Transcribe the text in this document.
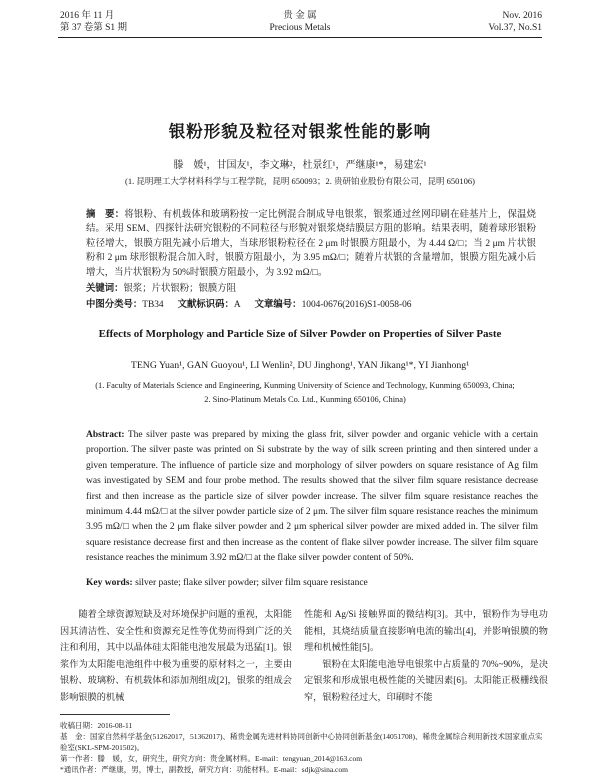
2016 年 11 月
第 37 卷第 S1 期
贵 金 属
Precious Metals
Nov. 2016
Vol.37, No.S1
银粉形貌及粒径对银浆性能的影响
滕　媛¹，甘国友¹，李文琳²，杜景红¹，严继康¹*，易建宏¹
(1. 昆明理工大学材料科学与工程学院，昆明 650093；2. 贵研铂业股份有限公司，昆明 650106)
摘　要：将银粉、有机载体和玻璃粉按一定比例混合制成导电银浆，银浆通过丝网印刷在硅基片上，保温烧结。采用 SEM、四探针法研究银粉的不同粒径与形貌对银浆烧结膜层方阻的影响。结果表明，随着球形银粉粒径增大，银膜方阻先减小后增大，当球形银粉粒径在 2 μm 时银膜方阻最小，为 4.44 Ω/□；当 2 μm 片状银粉和 2 μm 球形银粉混合加入时，银膜方阻最小，为 3.95 mΩ/□；随着片状银的含量增加，银膜方阻先减小后增大，当片状银粉为 50%时银膜方阻最小，为 3.92 mΩ/□。
关键词：银浆；片状银粉；银膜方阻
中图分类号：TB34 文献标识码：A 文章编号：1004-0676(2016)S1-0058-06
Effects of Morphology and Particle Size of Silver Powder on Properties of Silver Paste
TENG Yuan¹, GAN Guoyou¹, LI Wenlin², DU Jinghong¹, YAN Jikang¹*, YI Jianhong¹
(1. Faculty of Materials Science and Engineering, Kunming University of Science and Technology, Kunming 650093, China;
2. Sino-Platinum Metals Co. Ltd., Kunming 650106, China)
Abstract: The silver paste was prepared by mixing the glass frit, silver powder and organic vehicle with a certain proportion. The silver paste was printed on Si substrate by the way of silk screen printing and then sintered under a given temperature. The influence of particle size and morphology of silver powders on square resistance of Ag film was investigated by SEM and four probe method. The results showed that the silver film square resistance decrease first and then increase as the particle size of silver powder increase. The silver film square resistance reaches the minimum 4.44 mΩ/□ at the silver powder particle size of 2 μm. The silver film square resistance reaches the minimum 3.95 mΩ/□ when the 2 μm flake silver powder and 2 μm spherical silver powder are mixed added in. The silver film square resistance decrease first and then increase as the content of flake silver powder increase. The silver film square resistance reaches the minimum 3.92 mΩ/□ at the flake silver powder content of 50%.
Key words: silver paste; flake silver powder; silver film square resistance

随着全球资源短缺及对环境保护问题的重视，太阳能因其清洁性、安全性和资源充足性等优势而得到广泛的关注和利用，其中以晶体硅太阳能电池发展最为迅猛[1]。银浆作为太阳能电池组件中极为重要的原材料之一，主要由银粉、玻璃粉、有机载体和添加剂组成[2]，银浆的组成会影响银膜的机械

性能和 Ag/Si 接触界面的微结构[3]。其中，银粉作为导电功能相，其烧结质量直接影响电流的输出[4]，并影响银膜的物理和机械性能[5]。

银粉在太阳能电池导电银浆中占质量的 70%~90%，是决定银浆和形成银电极性能的关键因素[6]。太阳能正极栅线很窄，银粉粒径过大，印刷时不能

收稿日期：2016-08-11
基　金：国家自然科学基金(51262017，51362017)、稀贵金属先进材料协同创新中心协同创新基金(14051708)、稀贵金属综合利用新技术国家重点实验室(SKL-SPM-201502)。
第一作者：滕　媛，女，研究生，研究方向：贵金属材料。E-mail：tengyuan_2014@163.com
*通讯作者：严继康，男，博士，副教授，研究方向：功能材料。E-mail：sdjk@sina.com
